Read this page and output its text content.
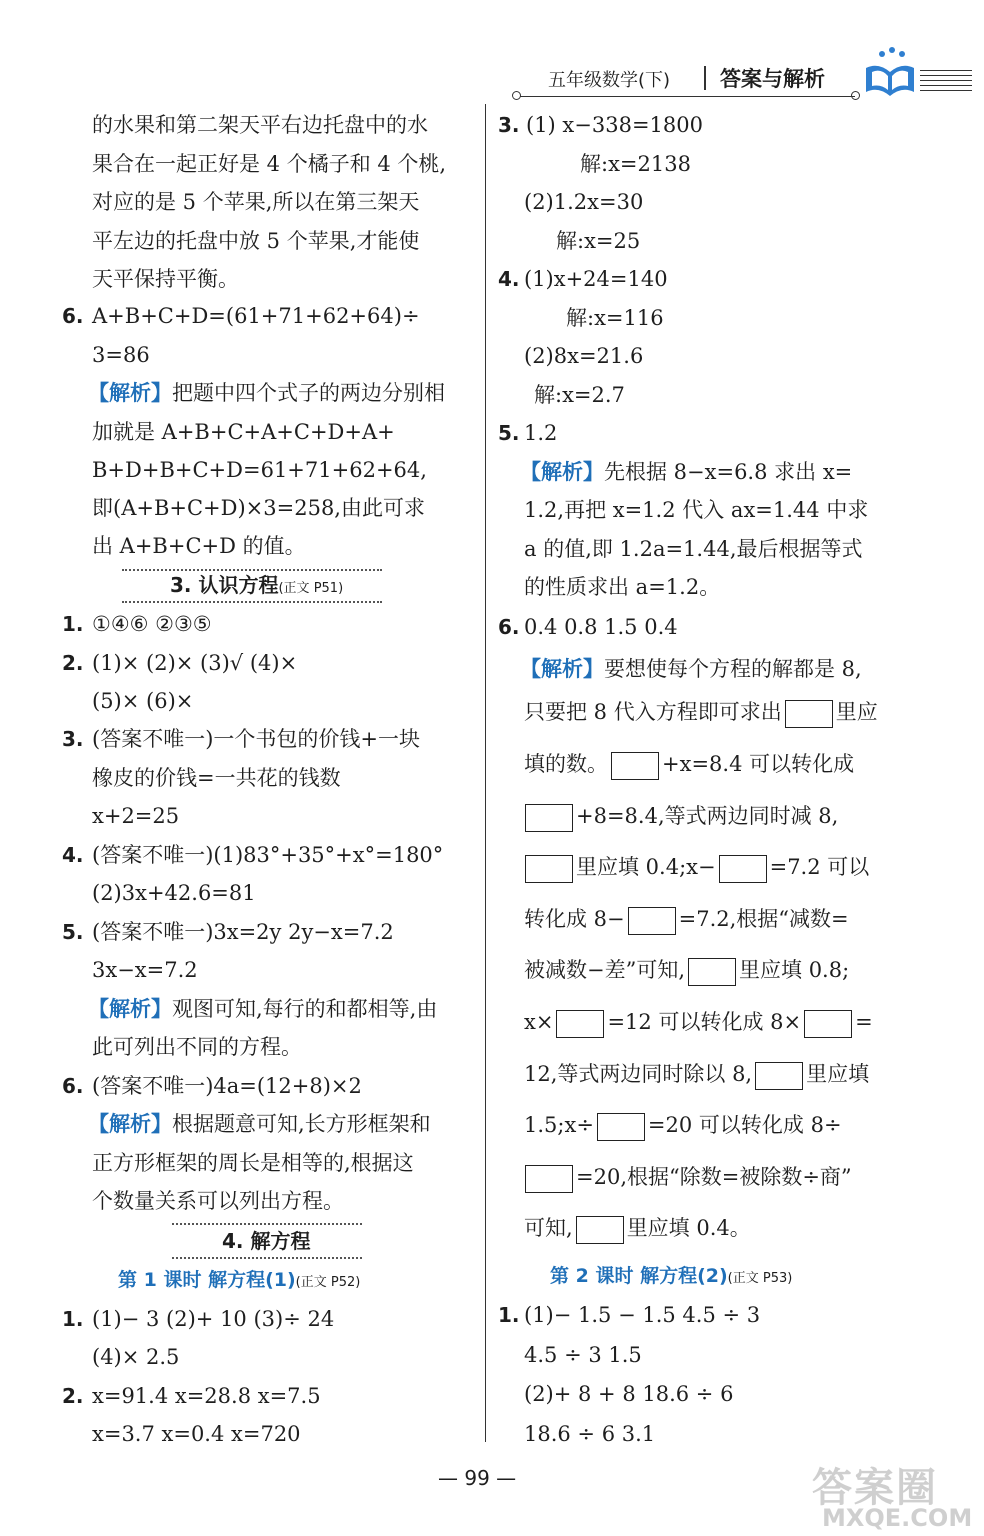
五年级数学(下) 答案与解析
的水果和第二架天平右边托盘中的水
果合在一起正好是 4 个橘子和 4 个桃,
对应的是 5 个苹果,所以在第三架天
平左边的托盘中放 5 个苹果,才能使
天平保持平衡。
6. A+B+C+D=(61+71+62+64)÷
3=86
【解析】把题中四个式子的两边分别相
加就是 A+B+C+A+C+D+A+
B+D+B+C+D=61+71+62+64,
即(A+B+C+D)×3=258,由此可求
出 A+B+C+D 的值。
3. 认识方程(正文 P51)
1. ①④⑥ ②③⑤
2. (1)× (2)× (3)√ (4)×
(5)× (6)×
3. (答案不唯一)一个书包的价钱+一块
橡皮的价钱=一共花的钱数
x+2=25
4. (答案不唯一)(1)83°+35°+x°=180°
(2)3x+42.6=81
5. (答案不唯一)3x=2y 2y−x=7.2
3x−x=7.2
【解析】观图可知,每行的和都相等,由
此可列出不同的方程。
6. (答案不唯一)4a=(12+8)×2
【解析】根据题意可知,长方形框架和
正方形框架的周长是相等的,根据这
个数量关系可以列出方程。
4. 解方程
第 1 课时 解方程(1)(正文 P52)
1. (1)− 3 (2)+ 10 (3)÷ 24
(4)× 2.5
2. x=91.4 x=28.8 x=7.5
x=3.7 x=0.4 x=720
3. (1) x−338=1800
解:x=2138
(2)1.2x=30
解:x=25
4. (1)x+24=140
解:x=116
(2)8x=21.6
解:x=2.7
5. 1.2
【解析】先根据 8−x=6.8 求出 x=
1.2,再把 x=1.2 代入 ax=1.44 中求
a 的值,即 1.2a=1.44,最后根据等式
的性质求出 a=1.2。
6. 0.4 0.8 1.5 0.4
【解析】要想使每个方程的解都是 8,
只要把 8 代入方程即可求出	里应
填的数。	+x=8.4 可以转化成
+8=8.4,等式两边同时减 8,
里应填 0.4;x−	=7.2 可以
转化成 8−	=7.2,根据“减数=
被减数−差”可知,	里应填 0.8;
x×	=12 可以转化成 8×	=
12,等式两边同时除以 8,	里应填
1.5;x÷	=20 可以转化成 8÷
=20,根据“除数=被除数÷商”
可知,	里应填 0.4。
第 2 课时 解方程(2)(正文 P53)
1. (1)− 1.5 − 1.5 4.5 ÷ 3
4.5 ÷ 3 1.5
(2)+ 8 + 8 18.6 ÷ 6
18.6 ÷ 6 3.1
— 99 —	答案圈
MXQE.COM
